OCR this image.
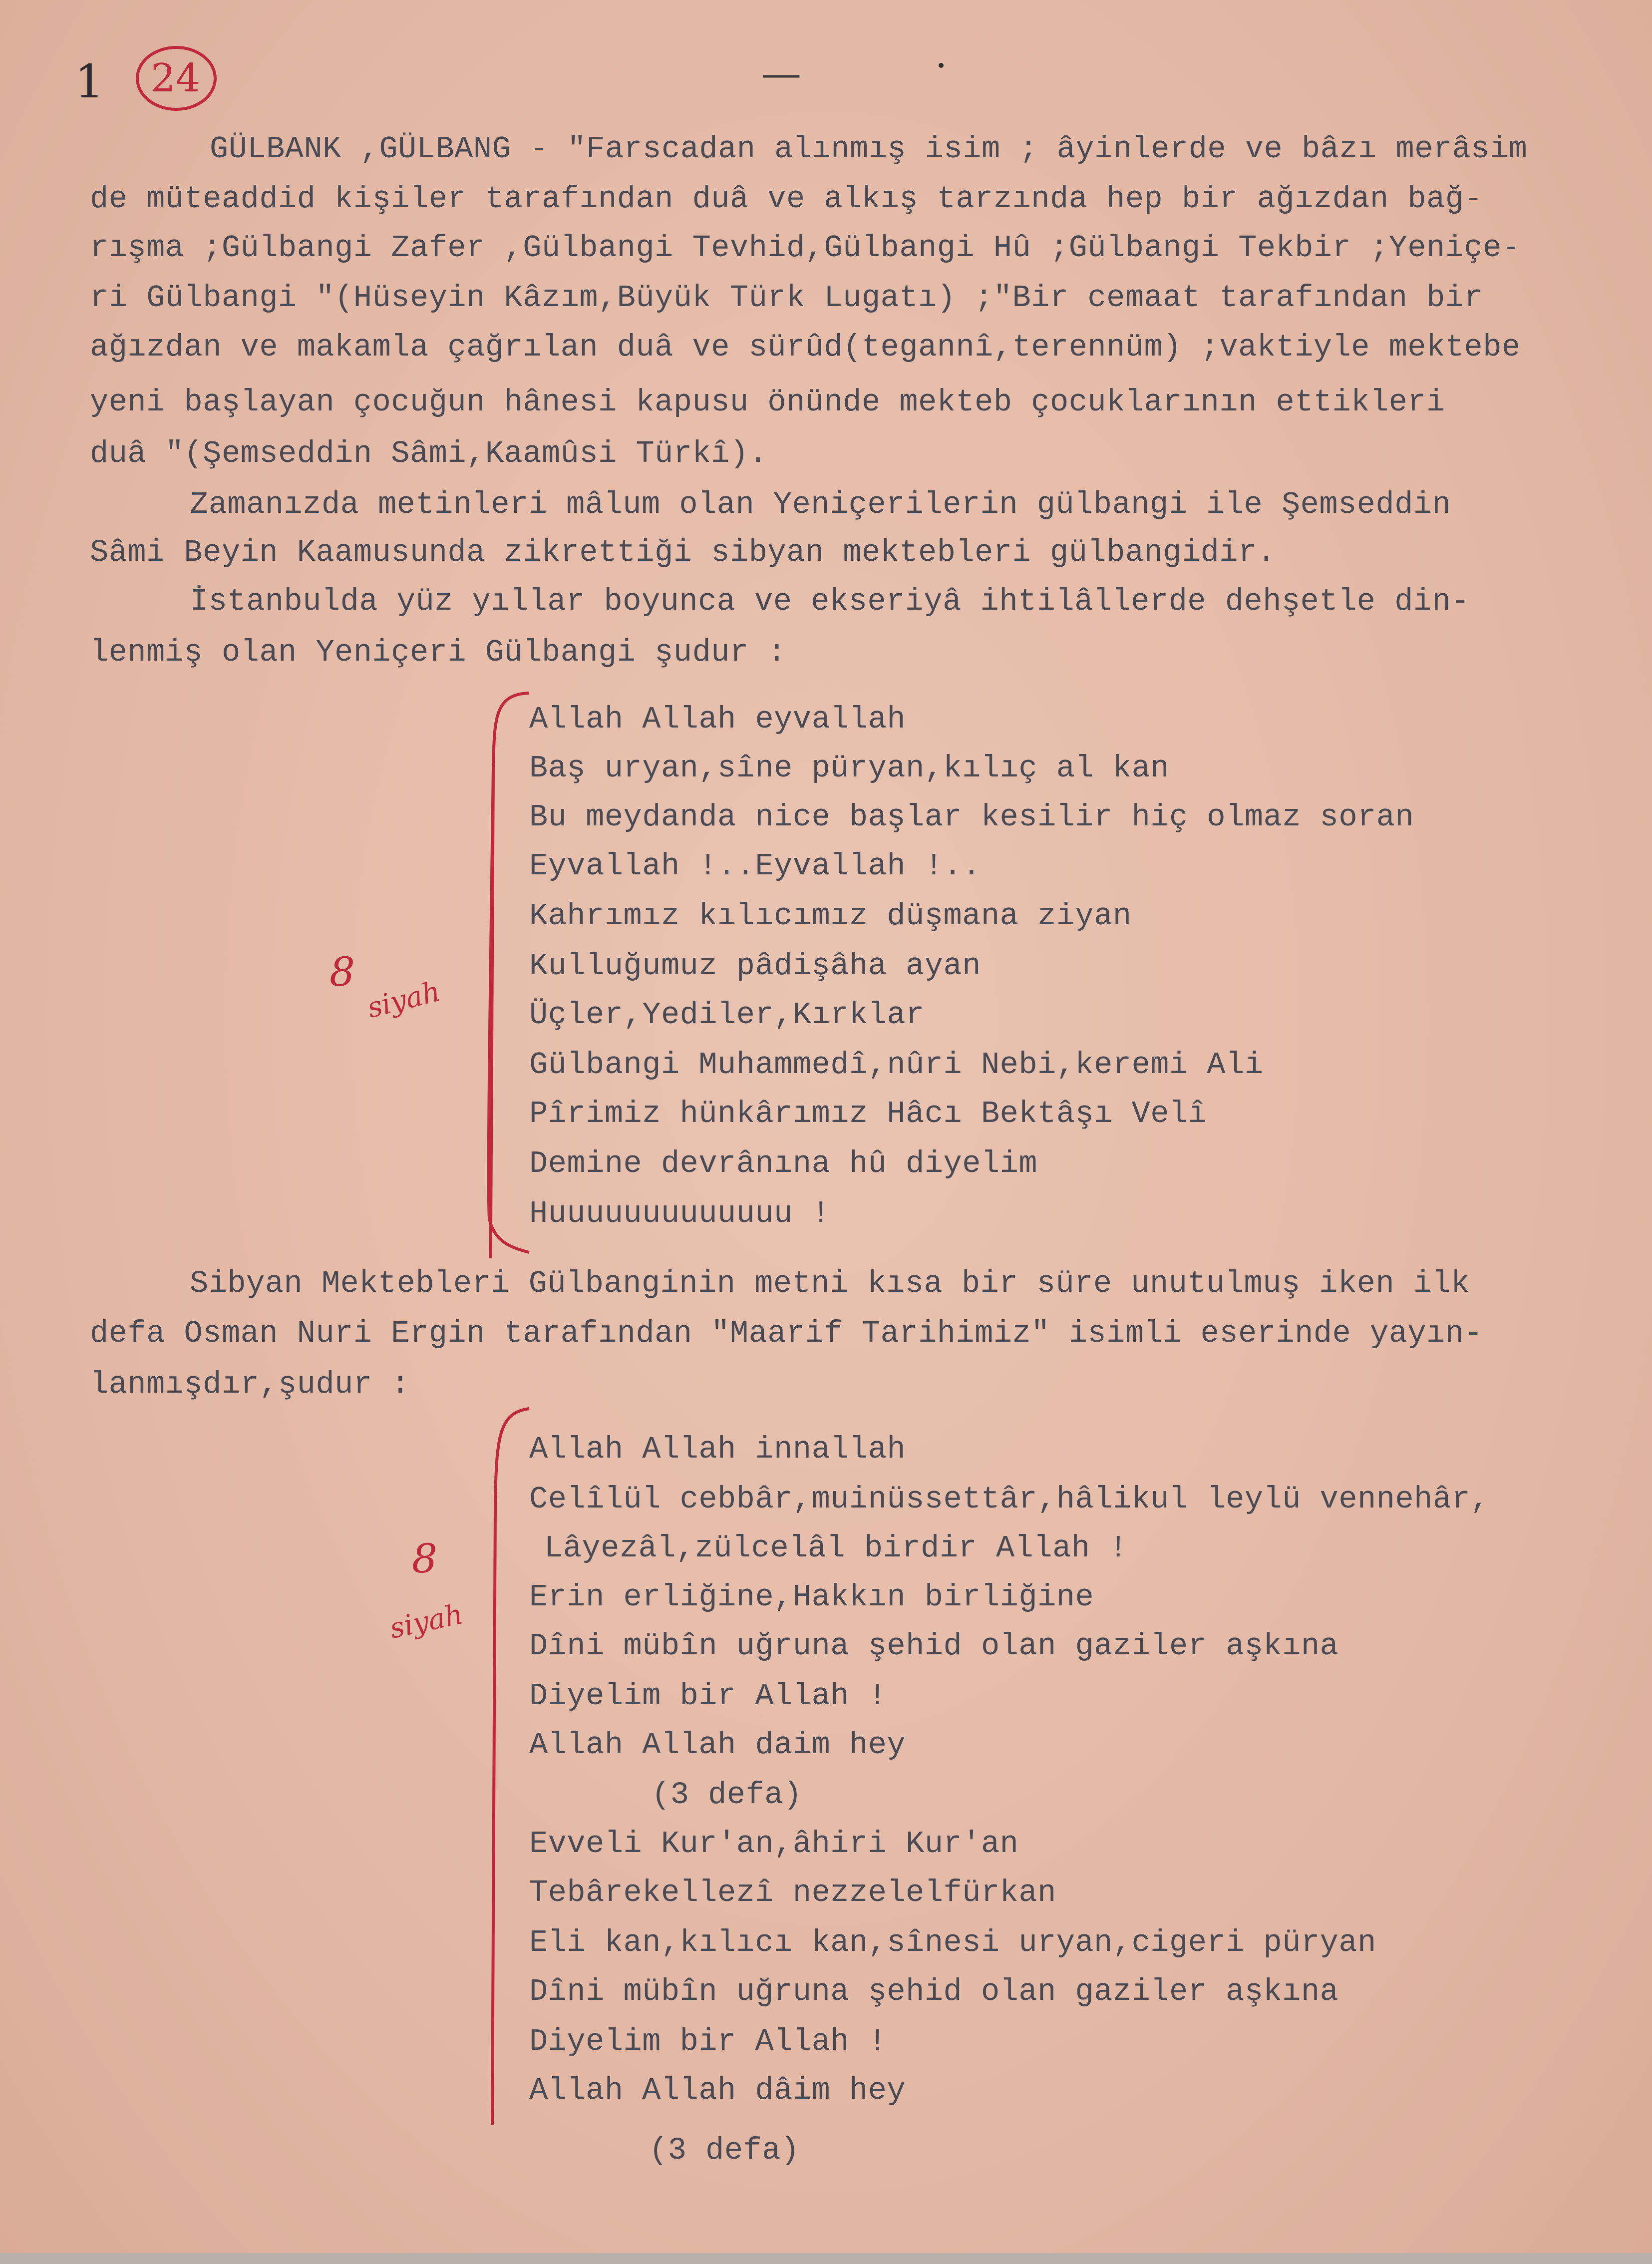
1 24	—
GÜLBANK ,GÜLBANG - "Farscadan alınmış isim ; âyinlerde ve bâzı merâsim
de müteaddid kişiler tarafından duâ ve alkış tarzında hep bir ağızdan bağ-
rışma ;Gülbangi Zafer ,Gülbangi Tevhid,Gülbangi Hû ;Gülbangi Tekbir ;Yeniçe-
ri Gülbangi "(Hüseyin Kâzım,Büyük Türk Lugatı) ;"Bir cemaat tarafından bir
ağızdan ve makamla çağrılan duâ ve sürûd(tegannî,terennüm) ;vaktiyle mektebe
yeni başlayan çocuğun hânesi kapusu önünde mekteb çocuklarının ettikleri
duâ "(Şemseddin Sâmi,Kaamûsi Türkî).
Zamanızda metinleri mâlum olan Yeniçerilerin gülbangi ile Şemseddin
Sâmi Beyin Kaamusunda zikrettiği sibyan mektebleri gülbangidir.
İstanbulda yüz yıllar boyunca ve ekseriyâ ihtilâllerde dehşetle din-
lenmiş olan Yeniçeri Gülbangi şudur :
8
siyah
Allah Allah eyvallah
Baş uryan,sîne püryan,kılıç al kan
Bu meydanda nice başlar kesilir hiç olmaz soran
Eyvallah !..Eyvallah !..
Kahrımız kılıcımız düşmana ziyan
Kulluğumuz pâdişâha ayan
Üçler,Yediler,Kırklar
Gülbangi Muhammedî,nûri Nebi,keremi Ali
Pîrimiz hünkârımız Hâcı Bektâşı Velî
Demine devrânına hû diyelim
Huuuuuuuuuuuuu !
Sibyan Mektebleri Gülbanginin metni kısa bir süre unutulmuş iken ilk
defa Osman Nuri Ergin tarafından "Maarif Tarihimiz" isimli eserinde yayın-
lanmışdır,şudur :
8
siyah
Allah Allah innallah
Celîlül cebbâr,muinüssettâr,hâlikul leylü vennehâr,
Lâyezâl,zülcelâl birdir Allah !
Erin erliğine,Hakkın birliğine
Dîni mübîn uğruna şehid olan gaziler aşkına
Diyelim bir Allah !
Allah Allah daim hey
(3 defa)
Evveli Kur'an,âhiri Kur'an
Tebârekellezî nezzelelfürkan
Eli kan,kılıcı kan,sînesi uryan,cigeri püryan
Dîni mübîn uğruna şehid olan gaziler aşkına
Diyelim bir Allah !
Allah Allah dâim hey
(3 defa)
